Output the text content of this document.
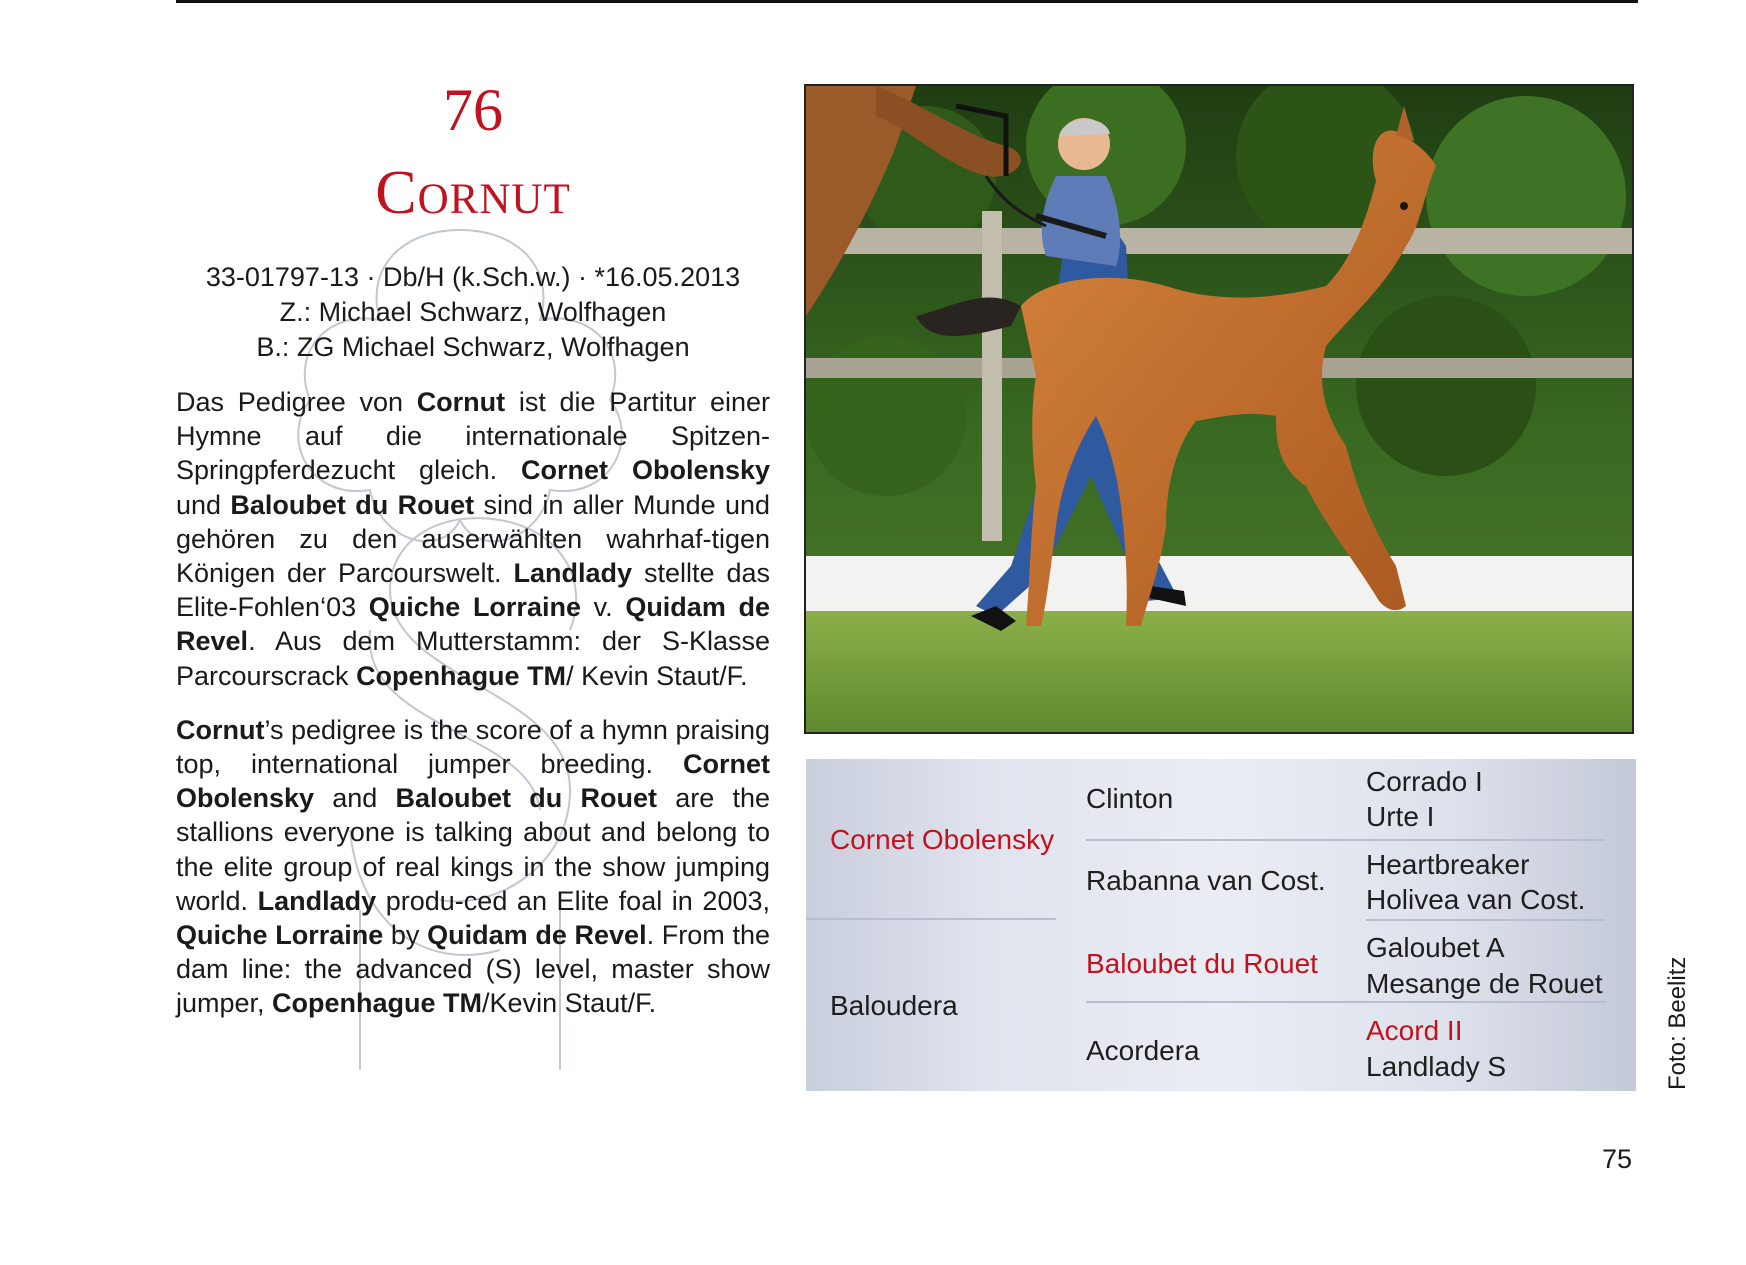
76
Cornut
33-01797-13 · Db/H (k.Sch.w.) · *16.05.2013
Z.: Michael Schwarz, Wolfhagen
B.: ZG Michael Schwarz, Wolfhagen
Das Pedigree von Cornut ist die Partitur einer Hymne auf die internationale Spitzen-Springpferdezucht gleich. Cornet Obolensky und Baloubet du Rouet sind in aller Munde und gehören zu den auserwählten wahrhaf-tigen Königen der Parcourswelt. Landlady stellte das Elite-Fohlen‘03 Quiche Lorraine v. Quidam de Revel. Aus dem Mutterstamm: der S-Klasse Parcourscrack Copenhague TM/ Kevin Staut/F.
Cornut’s pedigree is the score of a hymn praising top, international jumper breeding. Cornet Obolensky and Baloubet du Rouet are the stallions everyone is talking about and belong to the elite group of real kings in the show jumping world. Landlady produ-ced an Elite foal in 2003, Quiche Lorraine by Quidam de Revel. From the dam line: the advanced (S) level, master show jumper, Copenhague TM/Kevin Staut/F.
Cornet Obolensky
Baloudera
Clinton
Rabanna van Cost.
Baloubet du Rouet
Acordera
Corrado I
Urte I
Heartbreaker
Holivea van Cost.
Galoubet A
Mesange de Rouet
Acord II
Landlady S	Foto: Beelitz
75
